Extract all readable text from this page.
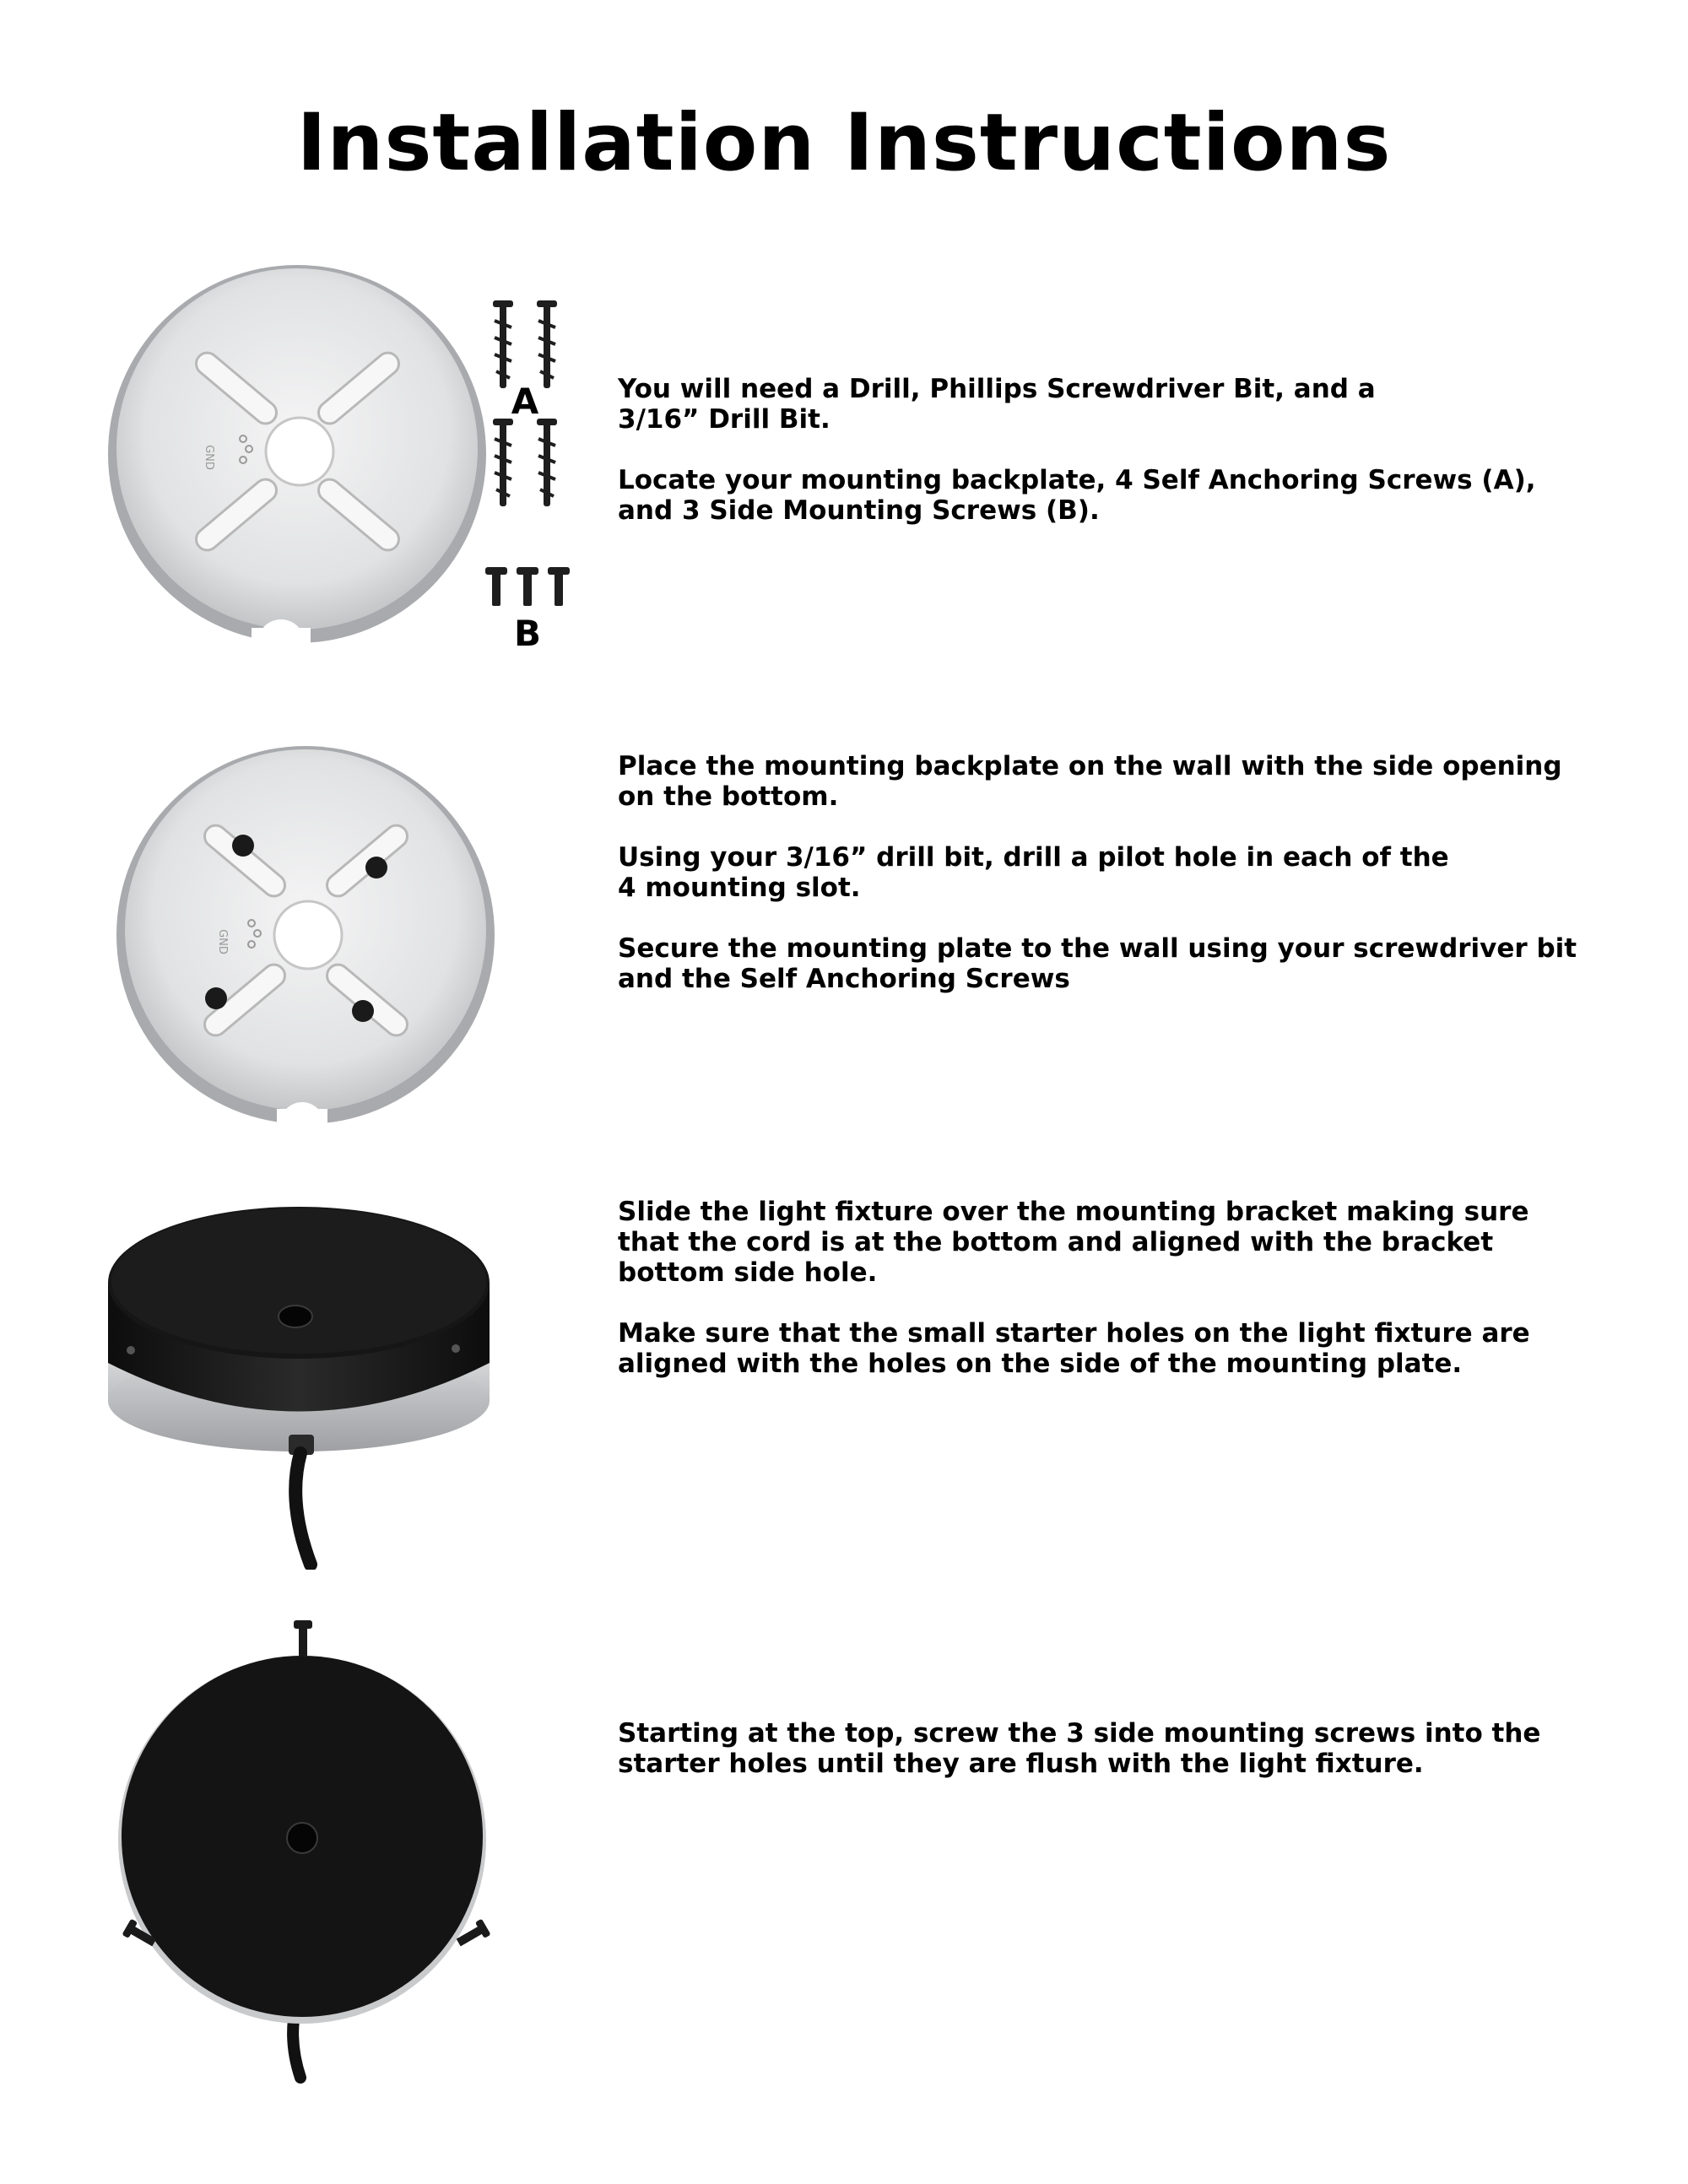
Installation Instructions
GND
A
B

You will need a Drill, Phillips Screwdriver Bit, and a
3/16” Drill Bit.

Locate your mounting backplate, 4 Self Anchoring Screws (A),
and 3 Side Mounting Screws (B).

GND

Place the mounting backplate on the wall with the side opening
on the bottom.

Using your 3/16” drill bit, drill a pilot hole in each of the
4 mounting slot.

Secure the mounting plate to the wall using your screwdriver bit
and the Self Anchoring Screws

Slide the light fixture over the mounting bracket making sure
that the cord is at the bottom and aligned with the bracket
bottom side hole.

Make sure that the small starter holes on the light fixture are
aligned with the holes on the side of the mounting plate.

Starting at the top, screw the 3 side mounting screws into the
starter holes until they are flush with the light fixture.
